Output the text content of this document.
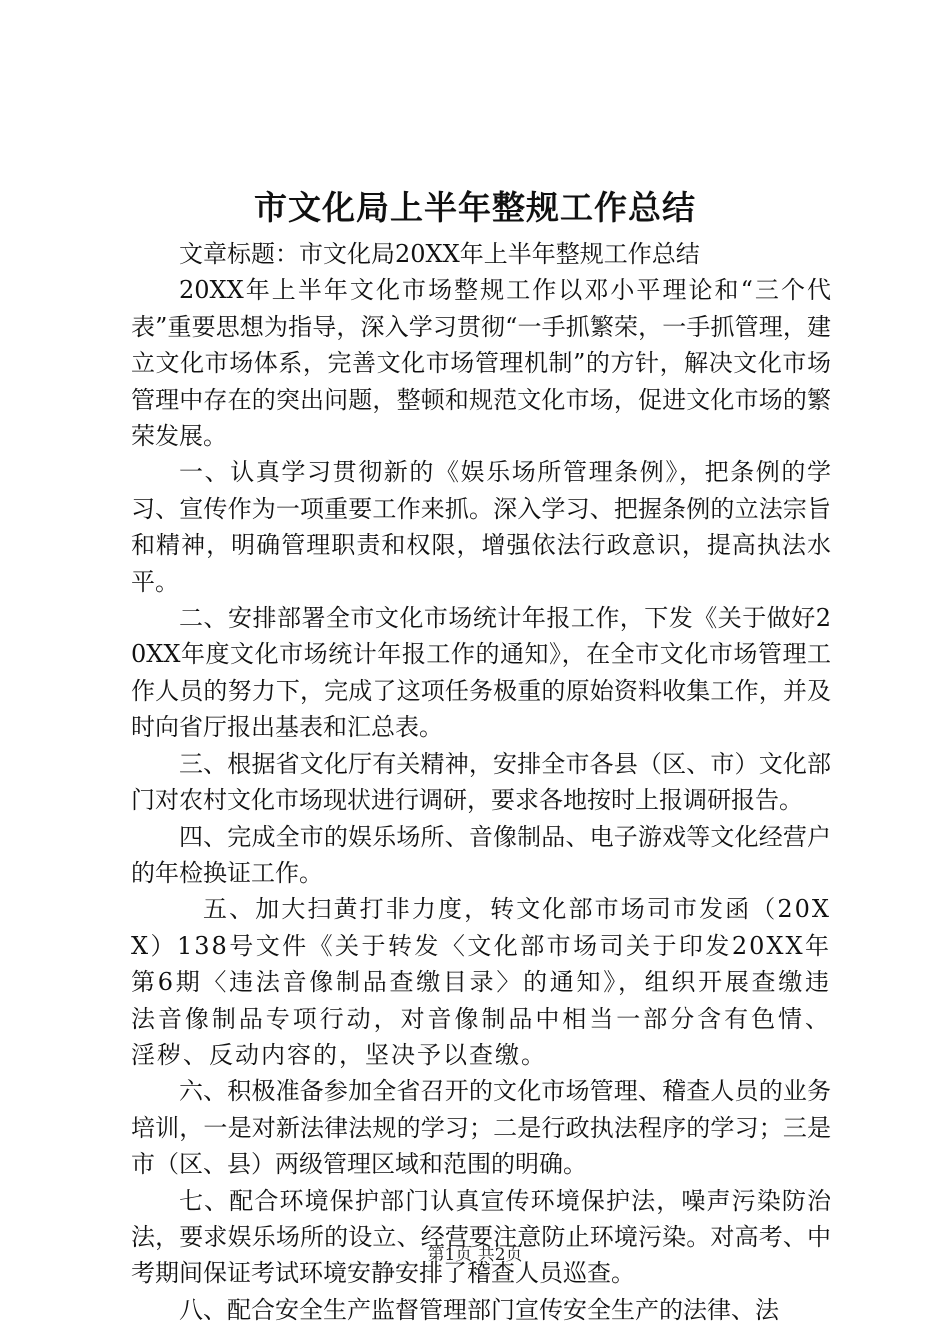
市文化局上半年整规工作总结

文章标题：市文化局20XX年上半年整规工作总结

20XX年上半年文化市场整规工作以邓小平理论和“三个代表”重要思想为指导，深入学习贯彻“一手抓繁荣，一手抓管理，建立文化市场体系，完善文化市场管理机制”的方针，解决文化市场管理中存在的突出问题，整顿和规范文化市场，促进文化市场的繁荣发展。

一、认真学习贯彻新的《娱乐场所管理条例》，把条例的学习、宣传作为一项重要工作来抓。深入学习、把握条例的立法宗旨和精神，明确管理职责和权限，增强依法行政意识，提高执法水平。

二、安排部署全市文化市场统计年报工作，下发《关于做好20XX年度文化市场统计年报工作的通知》，在全市文化市场管理工作人员的努力下，完成了这项任务极重的原始资料收集工作，并及时向省厅报出基表和汇总表。

三、根据省文化厅有关精神，安排全市各县（区、市）文化部门对农村文化市场现状进行调研，要求各地按时上报调研报告。

四、完成全市的娱乐场所、音像制品、电子游戏等文化经营户的年检换证工作。

五、加大扫黄打非力度，转文化部市场司市发函（20XX）138号文件《关于转发〈文化部市场司关于印发20XX年第6期〈违法音像制品查缴目录〉的通知》，组织开展查缴违法音像制品专项行动，对音像制品中相当一部分含有色情、淫秽、反动内容的，坚决予以查缴。

六、积极准备参加全省召开的文化市场管理、稽查人员的业务培训，一是对新法律法规的学习；二是行政执法程序的学习；三是市（区、县）两级管理区域和范围的明确。

七、配合环境保护部门认真宣传环境保护法，噪声污染防治法，要求娱乐场所的设立、经营要注意防止环境污染。对高考、中考期间保证考试环境安静安排了稽查人员巡查。

八、配合安全生产监督管理部门宣传安全生产的法律、法

第1页 共2页
